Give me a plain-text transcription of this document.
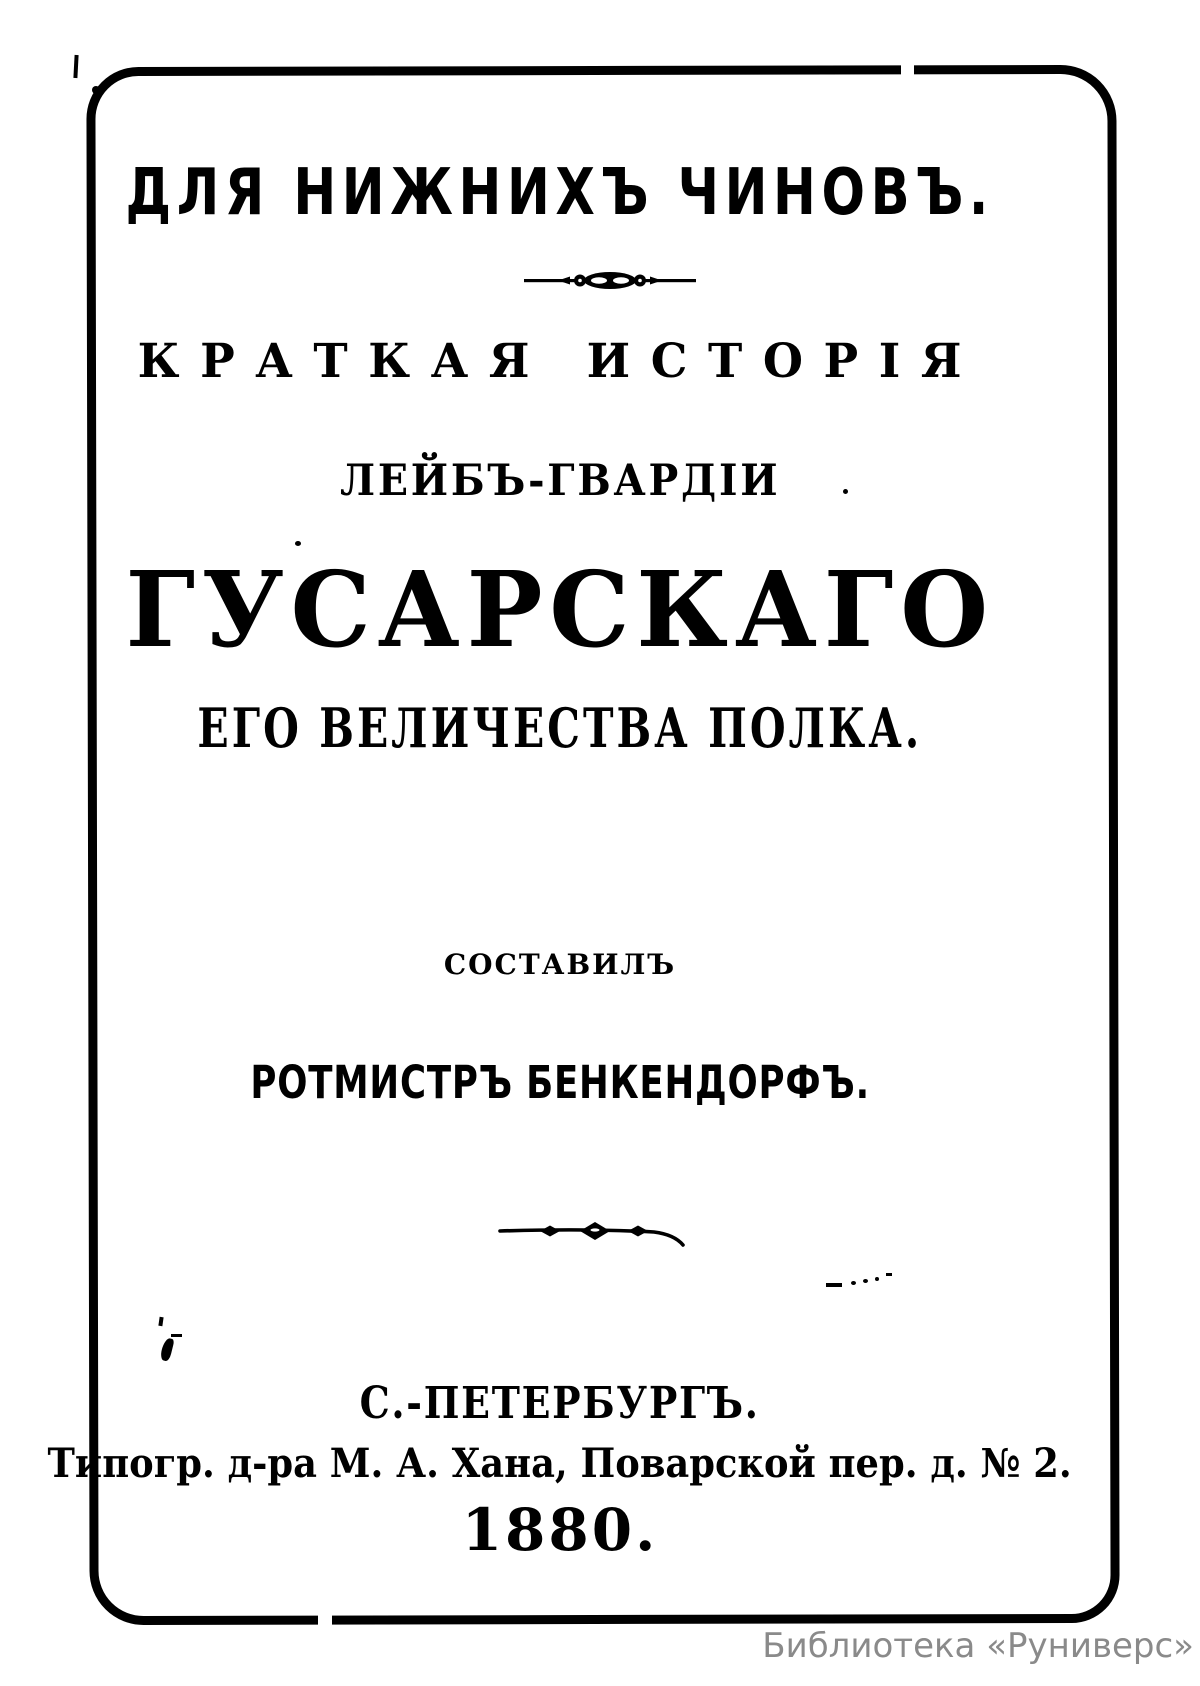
ДЛЯ НИЖНИХЪ ЧИНОВЪ.
КРАТКАЯ ИСТОРІЯ
ЛЕЙБЪ-ГВАРДІИ
ГУСАРСКАГО
ЕГО ВЕЛИЧЕСТВА ПОЛКА.
СОСТАВИЛЪ
РОТМИСТРЪ БЕНКЕНДОРФЪ.
С.-ПЕТЕРБУРГЪ.
Типогр. д-ра М. А. Хана, Поварской пер. д. № 2.
1880.
Библиотека «Руниверс»
